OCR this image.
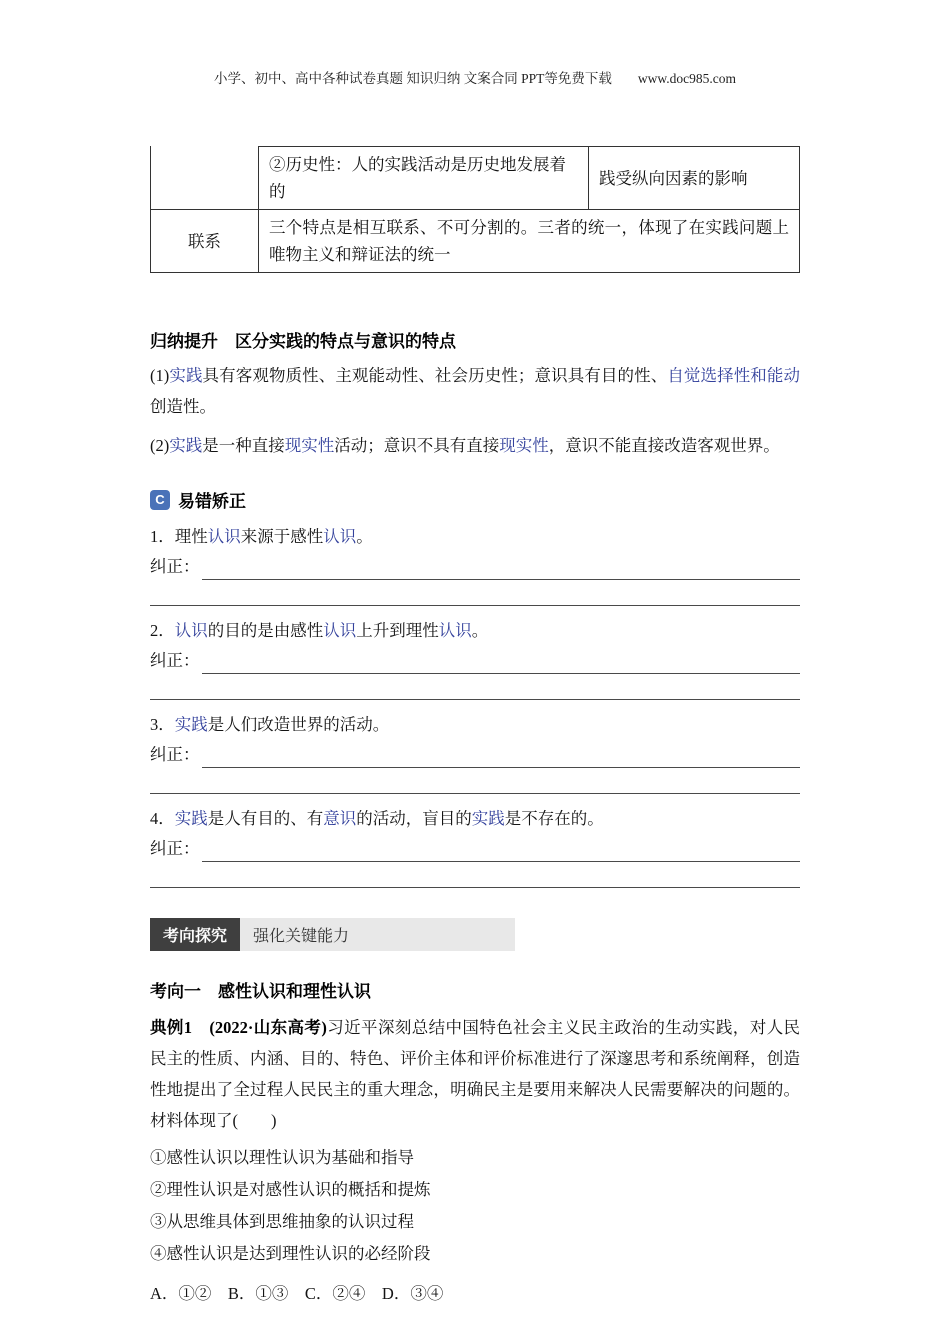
小学、初中、高中各种试卷真题 知识归纳 文案合同 PPT等免费下载 www.doc985.com
②历史性：人的实践活动是历史地发展着的
践受纵向因素的影响
联系
三个特点是相互联系、不可分割的。三者的统一，体现了在实践问题上唯物主义和辩证法的统一
归纳提升　区分实践的特点与意识的特点

(1)实践具有客观物质性、主观能动性、社会历史性；意识具有目的性、自觉选择性和能动创造性。

(2)实践是一种直接现实性活动；意识不具有直接现实性，意识不能直接改造客观世界。

C 易错矫正

1．理性认识来源于感性认识。

纠正：

2．认识的目的是由感性认识上升到理性认识。

纠正：

3．实践是人们改造世界的活动。

纠正：

4．实践是人有目的、有意识的活动，盲目的实践是不存在的。

纠正：
考向探究	强化关键能力
考向一　感性认识和理性认识

典例1　(2022·山东高考)习近平深刻总结中国特色社会主义民主政治的生动实践，对人民民主的性质、内涵、目的、特色、评价主体和评价标准进行了深邃思考和系统阐释，创造性地提出了全过程人民民主的重大理念，明确民主是要用来解决人民需要解决的问题的。材料体现了(　　)

①感性认识以理性认识为基础和指导

②理性认识是对感性认识的概括和提炼

③从思维具体到思维抽象的认识过程

④感性认识是达到理性认识的必经阶段

A．①②　B．①③　C．②④　D．③④
